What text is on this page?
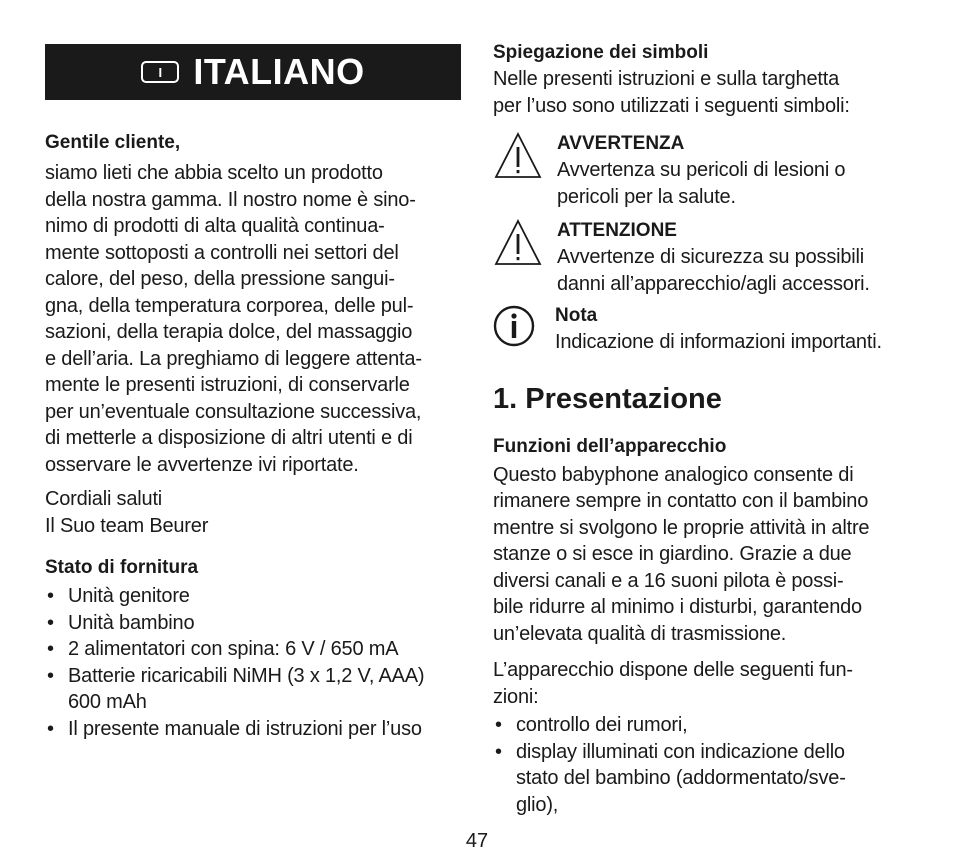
I ITALIANO

Gentile cliente,

siamo lieti che abbia scelto un prodotto
della nostra gamma. Il nostro nome è sino-
nimo di prodotti di alta qualità continua-
mente sottoposti a controlli nei settori del
calore, del peso, della pressione sangui-
gna, della temperatura corporea, delle pul-
sazioni, della terapia dolce, del massaggio
e dell’aria. La preghiamo di leggere attenta-
mente le presenti istruzioni, di conservarle
per un’eventuale consultazione successiva,
di metterle a disposizione di altri utenti e di
osservare le avvertenze ivi riportate.

Cordiali saluti
Il Suo team Beurer

Stato di fornitura

• Unità genitore
• Unità bambino
• 2 alimentatori con spina: 6 V / 650 mA
• Batterie ricaricabili NiMH (3 x 1,2 V, AAA)
600 mAh
• Il presente manuale di istruzioni per l’uso

Spiegazione dei simboli

Nelle presenti istruzioni e sulla targhetta
per l’uso sono utilizzati i seguenti simboli:

AVVERTENZA

Avvertenza su pericoli di lesioni o
pericoli per la salute.

ATTENZIONE

Avvertenze di sicurezza su possibili
danni all’apparecchio/agli accessori.

Nota

Indicazione di informazioni importanti.

1. Presentazione

Funzioni dell’apparecchio

Questo babyphone analogico consente di
rimanere sempre in contatto con il bambino
mentre si svolgono le proprie attività in altre
stanze o si esce in giardino. Grazie a due
diversi canali e a 16 suoni pilota è possi-
bile ridurre al minimo i disturbi, garantendo
un’elevata qualità di trasmissione.

L’apparecchio dispone delle seguenti fun-
zioni:

• controllo dei rumori,
• display illuminati con indicazione dello
stato del bambino (addormentato/sve-
glio),
47
